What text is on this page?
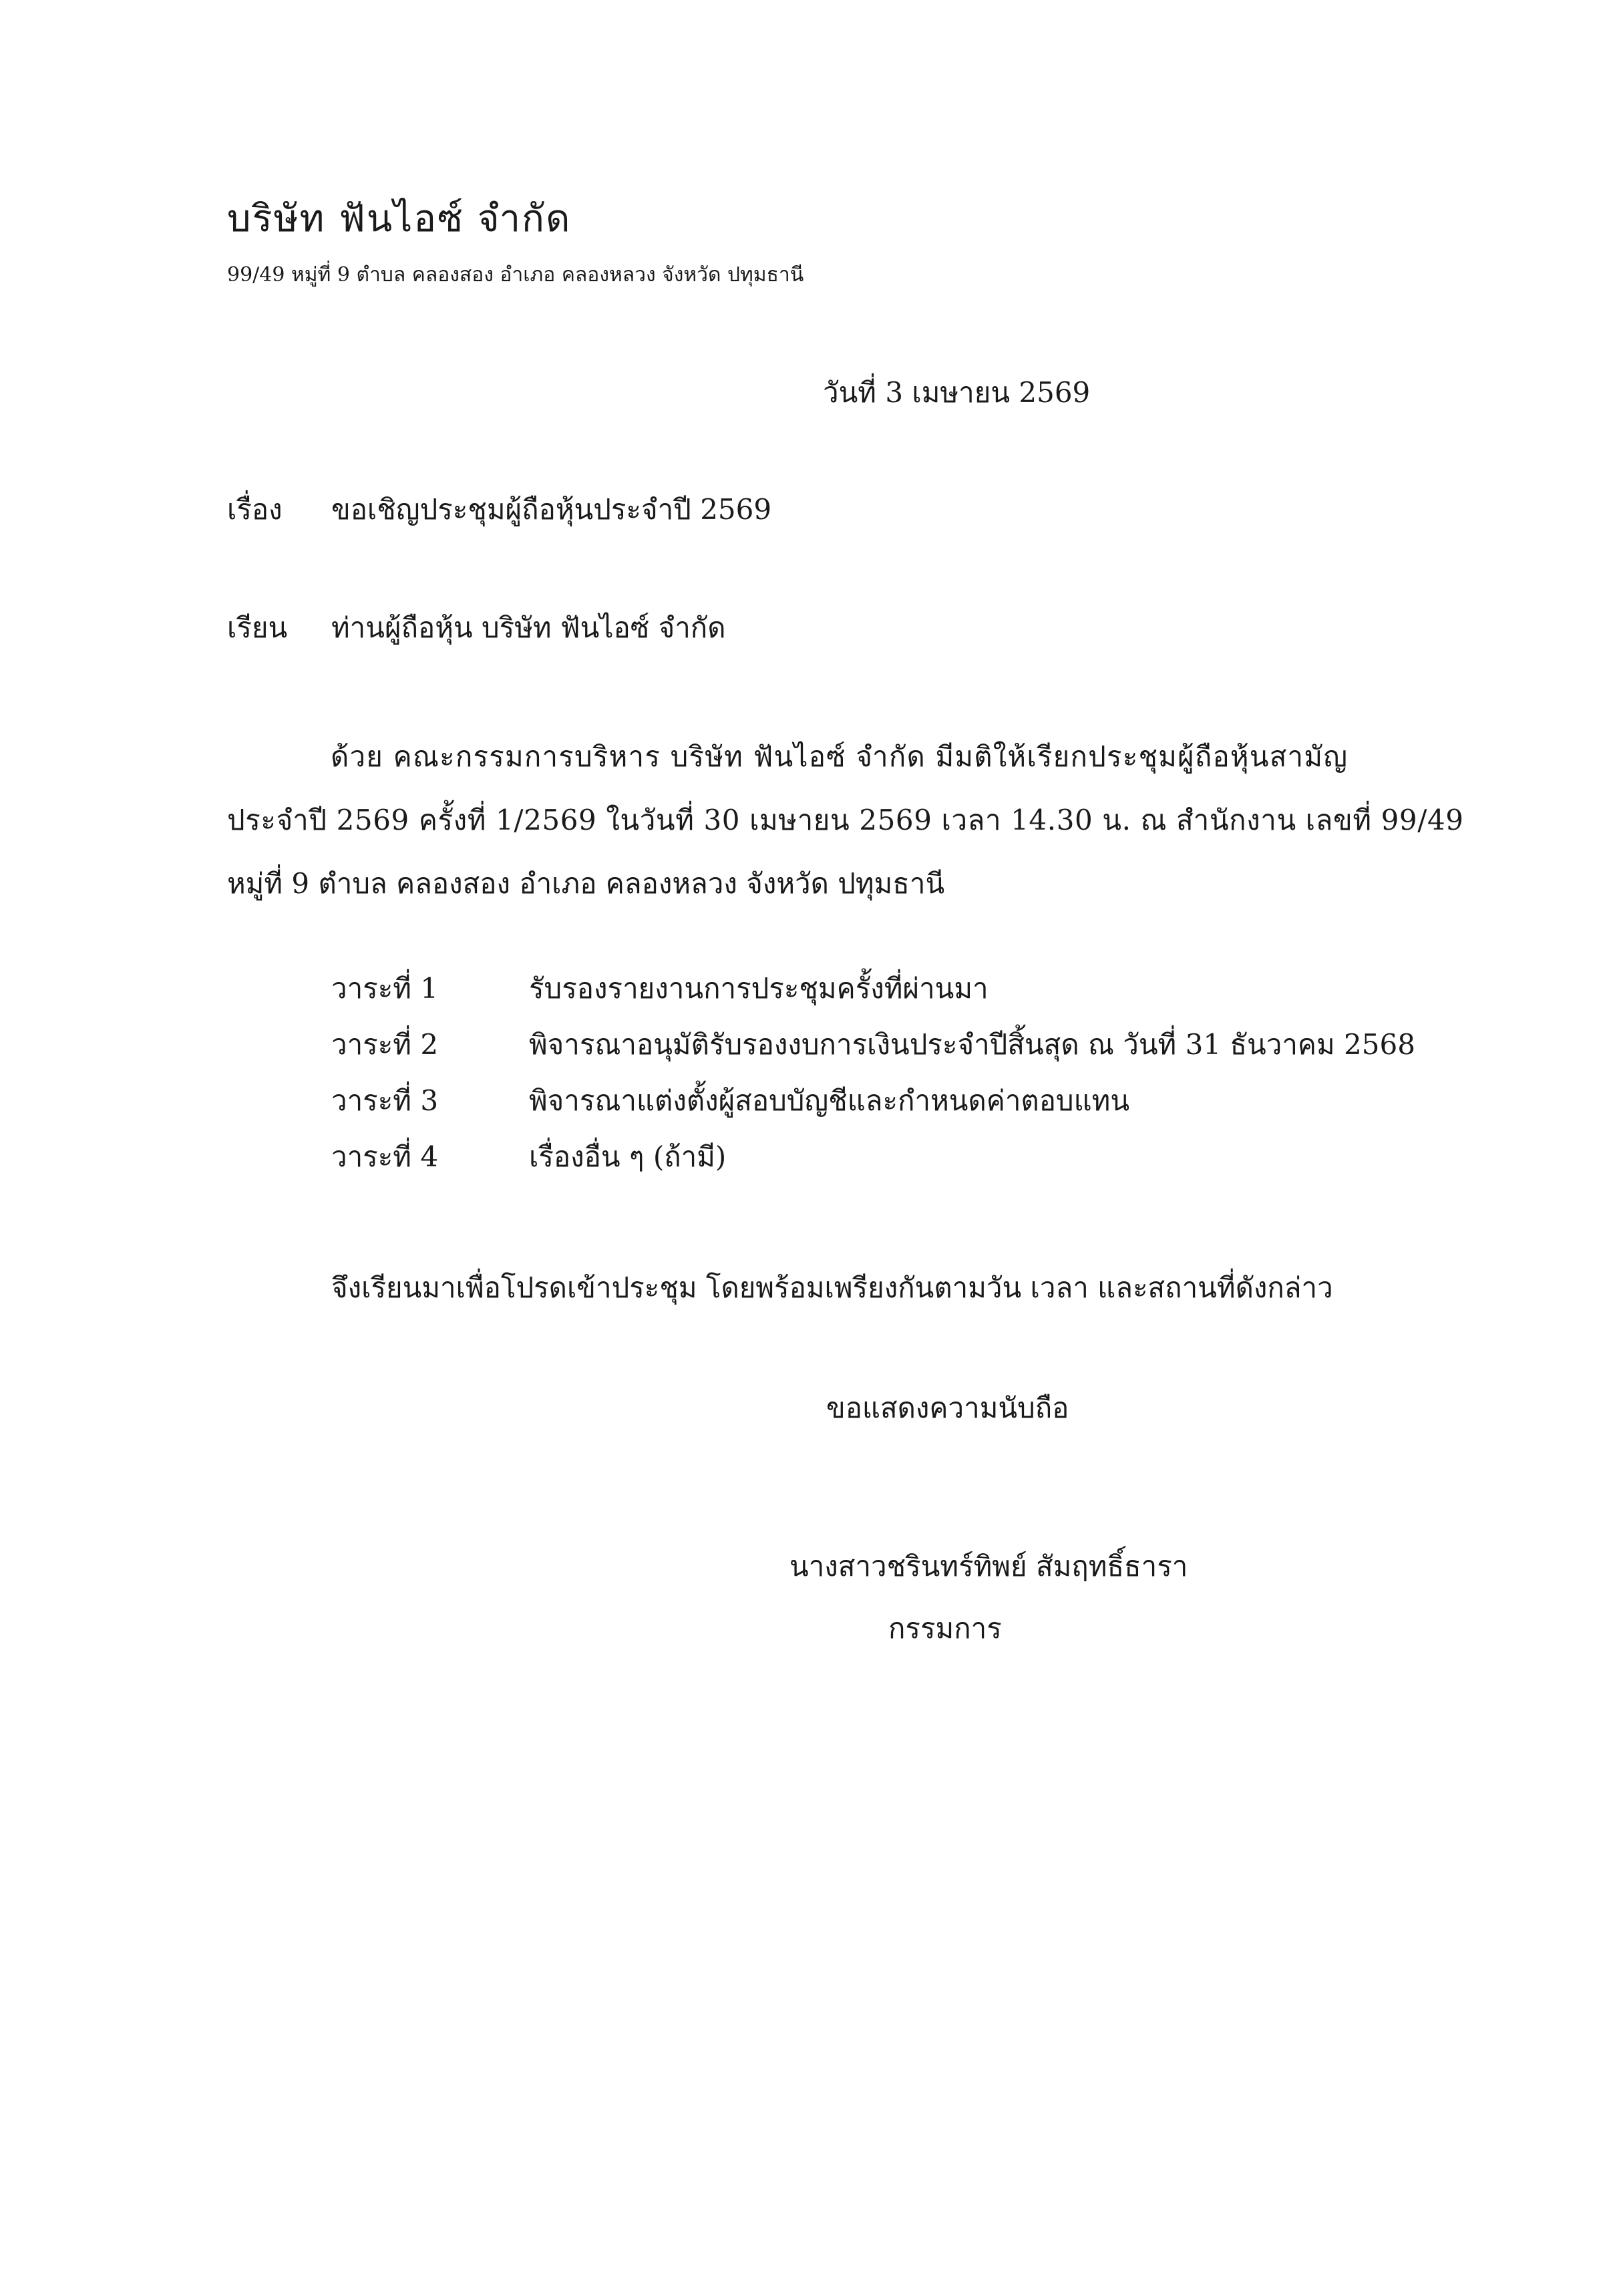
บริษัท ฟันไอซ์ จำกัด
99/49 หมู่ที่ 9 ตำบล คลองสอง อำเภอ คลองหลวง จังหวัด ปทุมธานี
วันที่ 3 เมษายน 2569
เรื่อง ขอเชิญประชุมผู้ถือหุ้นประจำปี 2569
เรียน ท่านผู้ถือหุ้น บริษัท ฟันไอซ์ จำกัด
ด้วย คณะกรรมการบริหาร บริษัท ฟันไอซ์ จำกัด มีมติให้เรียกประชุมผู้ถือหุ้นสามัญ
ประจำปี 2569 ครั้งที่ 1/2569 ในวันที่ 30 เมษายน 2569 เวลา 14.30 น. ณ สำนักงาน เลขที่ 99/49
หมู่ที่ 9 ตำบล คลองสอง อำเภอ คลองหลวง จังหวัด ปทุมธานี
วาระที่ 1	รับรองรายงานการประชุมครั้งที่ผ่านมา
วาระที่ 2	พิจารณาอนุมัติรับรองงบการเงินประจำปีสิ้นสุด ณ วันที่ 31 ธันวาคม 2568
วาระที่ 3	พิจารณาแต่งตั้งผู้สอบบัญชีและกำหนดค่าตอบแทน
วาระที่ 4	เรื่องอื่น ๆ (ถ้ามี)
จึงเรียนมาเพื่อโปรดเข้าประชุม โดยพร้อมเพรียงกันตามวัน เวลา และสถานที่ดังกล่าว
ขอแสดงความนับถือ
นางสาวชรินทร์ทิพย์ สัมฤทธิ์ธารา
กรรมการ
